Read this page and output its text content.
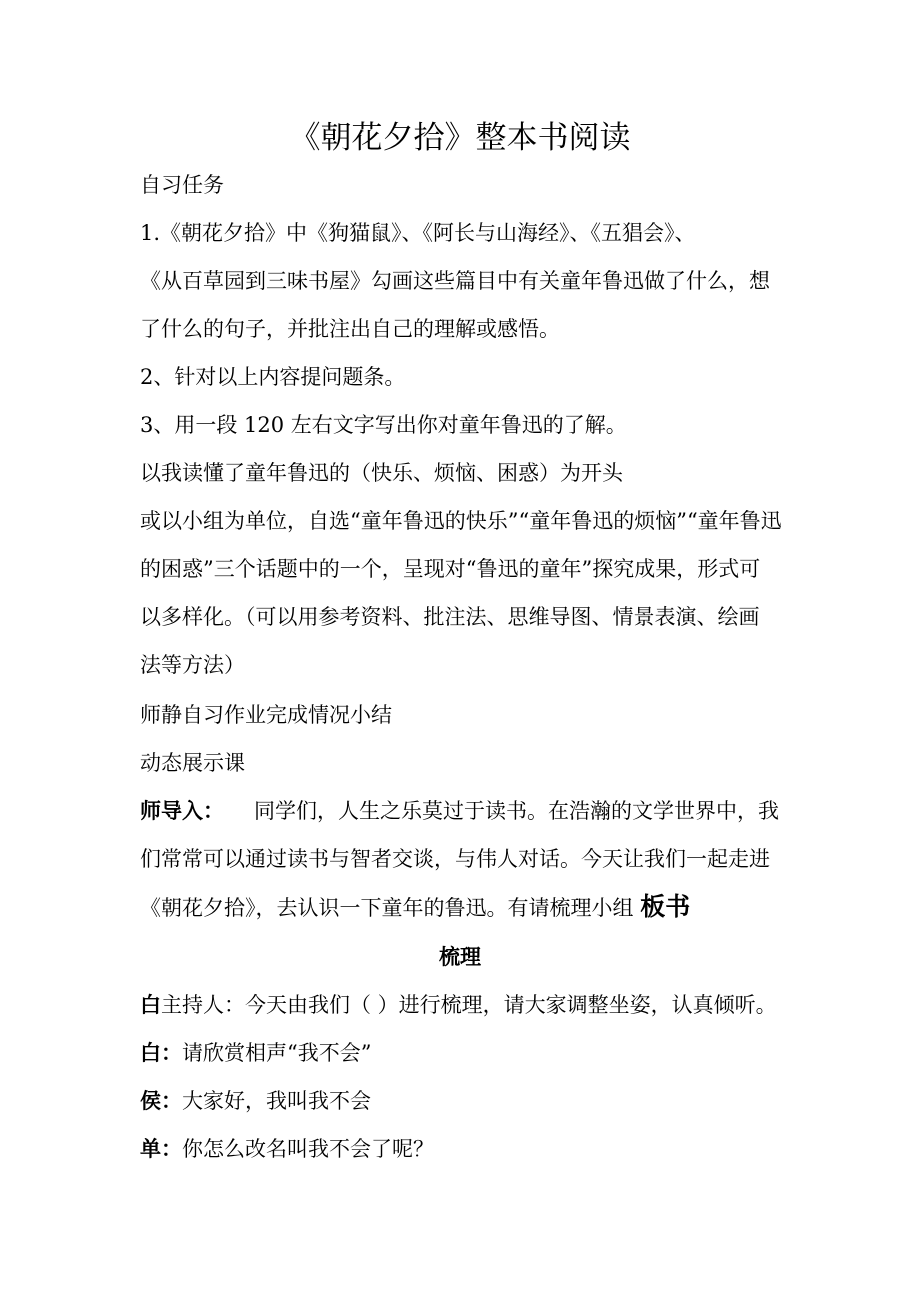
《朝花夕拾》整本书阅读
自习任务
1.《朝花夕拾》中《狗猫鼠》、《阿长与山海经》、《五猖会》、
《从百草园到三味书屋》勾画这些篇目中有关童年鲁迅做了什么，想
了什么的句子，并批注出自己的理解或感悟。
2、针对以上内容提问题条。
3、用一段 120 左右文字写出你对童年鲁迅的了解。
以我读懂了童年鲁迅的（快乐、烦恼、困惑）为开头
或以小组为单位，自选“童年鲁迅的快乐”“童年鲁迅的烦恼”“童年鲁迅
的困惑”三个话题中的一个，呈现对“鲁迅的童年”探究成果，形式可
以多样化。（可以用参考资料、批注法、思维导图、情景表演、绘画
法等方法）
师静自习作业完成情况小结
动态展示课
师导入： 同学们，人生之乐莫过于读书。在浩瀚的文学世界中，我
们常常可以通过读书与智者交谈，与伟人对话。今天让我们一起走进
《朝花夕拾》，去认识一下童年的鲁迅。有请梳理小组 板书
梳理
白主持人：今天由我们（ ）进行梳理，请大家调整坐姿，认真倾听。
白：请欣赏相声“我不会”
侯：大家好，我叫我不会
单：你怎么改名叫我不会了呢？
